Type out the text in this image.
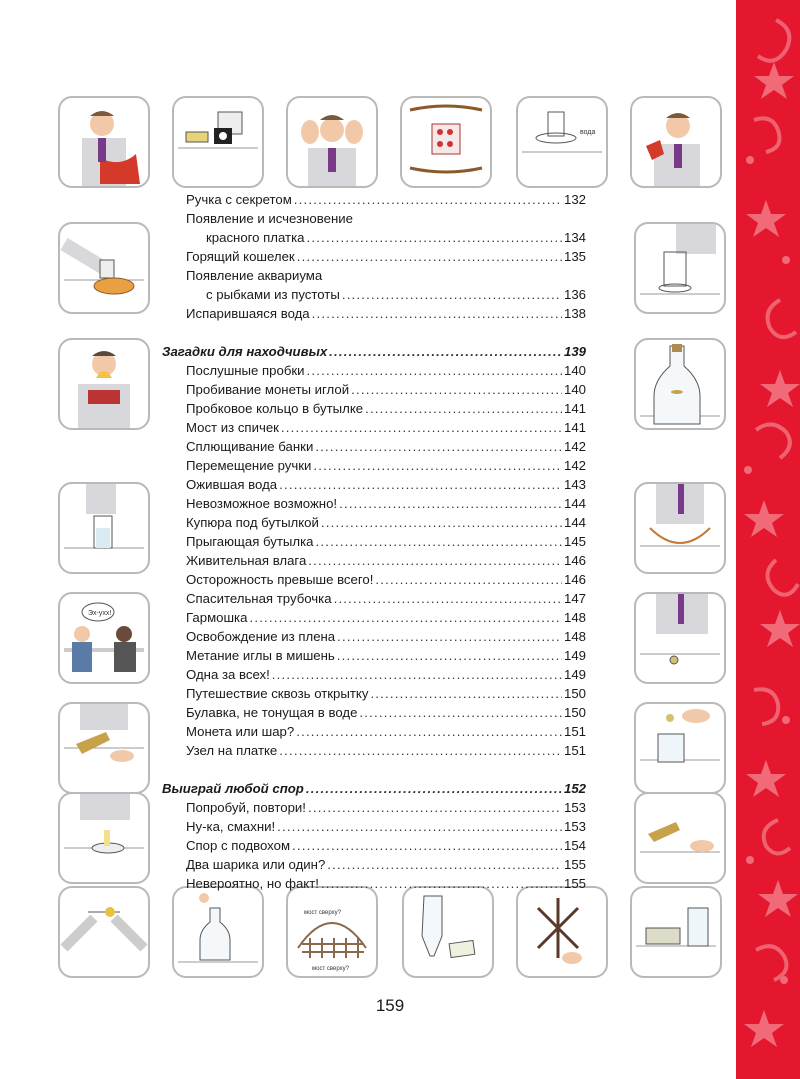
вода
Эх-ухх!
мост сверху?
мост сверху?
Ручка с секретом .....	132
Появление и исчезновение
красного платка .....	134
Горящий кошелек .....	135
Появление аквариума
с рыбками из пустоты .....	136
Испарившаяся вода .....	138
Загадки для находчивых .....	139
Послушные пробки .....	140
Пробивание монеты иглой .....	140
Пробковое кольцо в бутылке .....	141
Мост из спичек .....	141
Сплющивание банки .....	142
Перемещение ручки .....	142
Ожившая вода .....	143
Невозможное возможно! .....	144
Купюра под бутылкой .....	144
Прыгающая бутылка .....	145
Живительная влага .....	146
Осторожность превыше всего! .....	146
Спасительная трубочка .....	147
Гармошка .....	148
Освобождение из плена .....	148
Метание иглы в мишень .....	149
Одна за всех! .....	149
Путешествие сквозь открытку .....	150
Булавка, не тонущая в воде .....	150
Монета или шар? .....	151
Узел на платке .....	151
Выиграй любой спор .....	152
Попробуй, повтори! .....	153
Ну-ка, смахни! .....	153
Спор с подвохом .....	154
Два шарика или один? .....	155
Невероятно, но факт! .....	155
159
